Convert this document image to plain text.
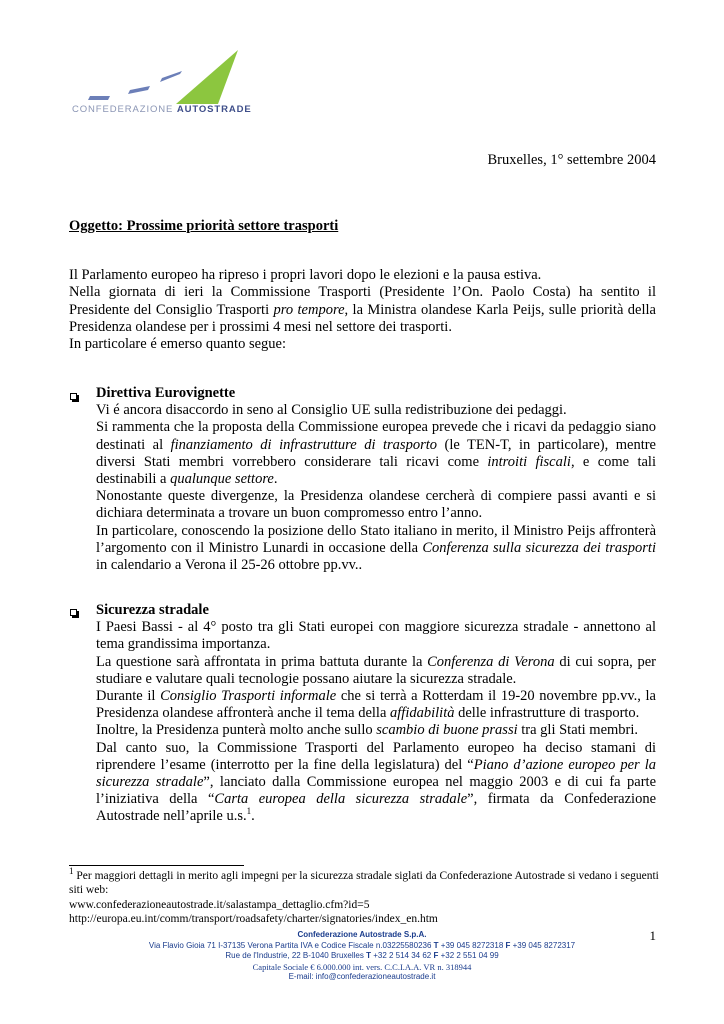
CONFEDERAZIONE AUTOSTRADE
Bruxelles, 1° settembre 2004
Oggetto: Prossime priorità settore trasporti

Il Parlamento europeo ha ripreso i propri lavori dopo le elezioni e la pausa estiva.

Nella giornata di ieri la Commissione Trasporti (Presidente l’On. Paolo Costa) ha sentito il Presidente del Consiglio Trasporti pro tempore, la Ministra olandese Karla Peijs, sulle priorità della Presidenza olandese per i prossimi 4 mesi nel settore dei trasporti.

In particolare é emerso quanto segue:

Direttiva Eurovignette

Vi é ancora disaccordo in seno al Consiglio UE sulla redistribuzione dei pedaggi.

Si rammenta che la proposta della Commissione europea prevede che i ricavi da pedaggio siano destinati al finanziamento di infrastrutture di trasporto (le TEN-T, in particolare), mentre diversi Stati membri vorrebbero considerare tali ricavi come introiti fiscali, e come tali destinabili a qualunque settore.

Nonostante queste divergenze, la Presidenza olandese cercherà di compiere passi avanti e si dichiara determinata a trovare un buon compromesso entro l’anno.

In particolare, conoscendo la posizione dello Stato italiano in merito, il Ministro Peijs affronterà l’argomento con il Ministro Lunardi in occasione della Conferenza sulla sicurezza dei trasporti in calendario a Verona il 25-26 ottobre pp.vv..

Sicurezza stradale

I Paesi Bassi - al 4° posto tra gli Stati europei con maggiore sicurezza stradale - annettono al tema grandissima importanza.

La questione sarà affrontata in prima battuta durante la Conferenza di Verona di cui sopra, per studiare e valutare quali tecnologie possano aiutare la sicurezza stradale.

Durante il Consiglio Trasporti informale che si terrà a Rotterdam il 19-20 novembre pp.vv., la Presidenza olandese affronterà anche il tema della affidabilità delle infrastrutture di trasporto.

Inoltre, la Presidenza punterà molto anche sullo scambio di buone prassi tra gli Stati membri.

Dal canto suo, la Commissione Trasporti del Parlamento europeo ha deciso stamani di riprendere l’esame (interrotto per la fine della legislatura) del “Piano d’azione europeo per la sicurezza stradale”, lanciato dalla Commissione europea nel maggio 2003 e di cui fa parte l’iniziativa della “Carta europea della sicurezza stradale”, firmata da Confederazione Autostrade nell’aprile u.s.$^1$.

$^1$ Per maggiori dettagli in merito agli impegni per la sicurezza stradale siglati da Confederazione Autostrade si vedano i seguenti siti web:
www.confederazioneautostrade.it/salastampa_dettaglio.cfm?id=5
http://europa.eu.int/comm/transport/roadsafety/charter/signatories/index_en.htm
1
Confederazione Autostrade S.p.A.
Via Flavio Gioia 71 I-37135 Verona Partita IVA e Codice Fiscale n.03225580236 T +39 045 8272318 F +39 045 8272317
Rue de l'Industrie, 22 B-1040 Bruxelles T +32 2 514 34 62 F +32 2 551 04 99
Capitale Sociale € 6.000.000 int. vers. C.C.I.A.A. VR n. 318944
E-mail: info@confederazioneautostrade.it
